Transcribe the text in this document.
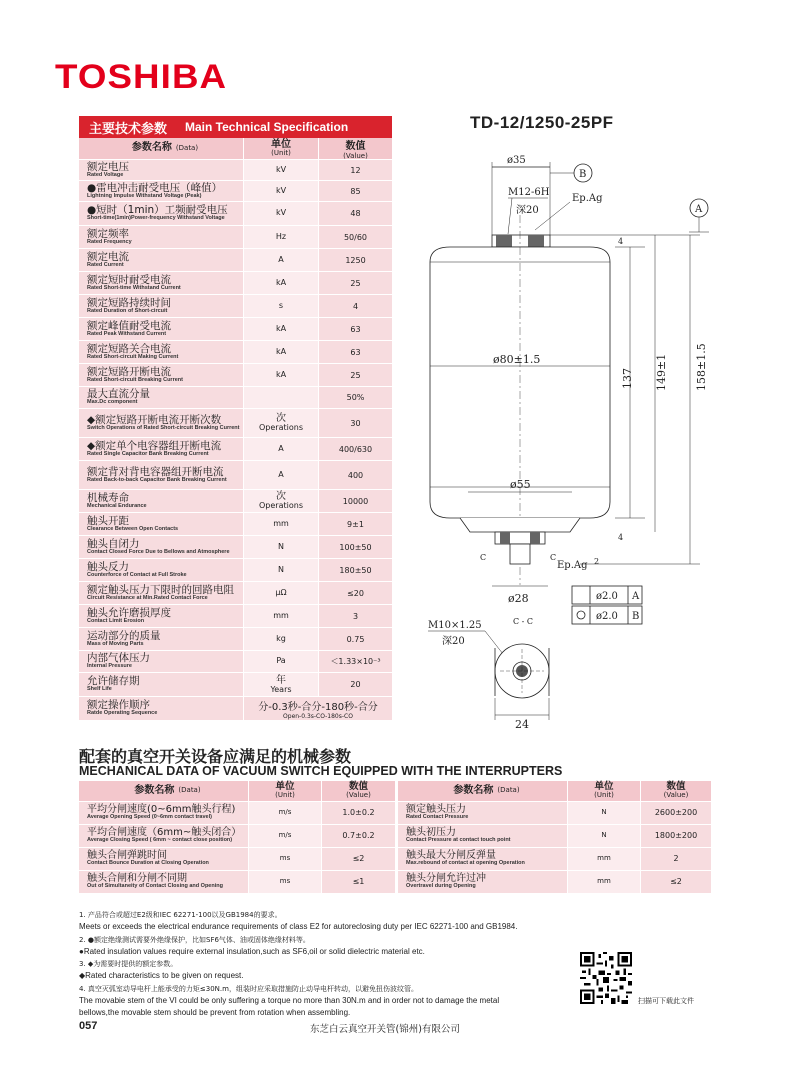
TOSHIBA
主要技术参数 Main Technical Specification
参数名称 (Data)	单位
(Unit)
数值
(Value)
额定电压
Rated Voltage
kV	12
●雷电冲击耐受电压（峰值）
Lightning Impulse Withstand Voltage (Peak)
kV	85
●短时（1min）工频耐受电压
Short-time(1min)Power-frequency Withstand Voltage
kV	48
额定频率
Rated Frequency
Hz	50/60
额定电流
Rated Current
A	1250
额定短时耐受电流
Rated Short-time Withstand Current
kA	25
额定短路持续时间
Rated Duration of Short-circuit
s	4
额定峰值耐受电流
Rated Peak Withstand Current
kA	63
额定短路关合电流
Rated Short-circuit Making Current
kA	63
额定短路开断电流
Rated Short-circuit Breaking Current
kA	25
最大直流分量
Max.Dc component
50%
◆额定短路开断电流开断次数
Switch Operations of Rated Short-circuit Breaking Current
次
Operations
30
◆额定单个电容器组开断电流
Rated Single Capacitor Bank Breaking Current
A	400/630
额定背对背电容器组开断电流
Rated Back-to-back Capacitor Bank Breaking Current
A	400
机械寿命
Mechanical Endurance
次
Operations
10000
触头开距
Clearance Between Open Contacts
mm	9±1
触头自闭力
Contact Closed Force Due to Bellows and Atmosphere
N	100±50
触头反力
Counterforce of Contact at Full Stroke
N	180±50
额定触头压力下限时的回路电阻
Circuit Resistance at Min.Rated Contact Force
μΩ	≤20
触头允许磨损厚度
Contact Limit Erosion
mm	3
运动部分的质量
Mass of Moving Parts
kg	0.75
内部气体压力
Internal Pressure
Pa	＜1.33×10⁻³
允许储存期
Shelf Life
年
Years
20
额定操作顺序
Ratde Operating Sequence
分-0.3秒-合分-180秒-合分
Open-0.3s-CO-180s-CO
TD-12/1250-25PF
ø35
B
M12-6H
深20
Ep.Ag
A
ø80±1.5
ø55
137 149±1 158±1.5
4
4
2
C	C
Ep.Ag
ø28	ø2.0 A
ø2.0 B
C - C
M10×1.25
深20
24
配套的真空开关设备应满足的机械参数
MECHANICAL DATA OF VACUUM SWITCH EQUIPPED WITH THE INTERRUPTERS
参数名称 (Data)	单位
(Unit)
数值
(Value)
平均分闸速度(0~6mm触头行程)
Average Opening Speed (0~6mm contact travel)
m/s	1.0±0.2
平均合闸速度（6mm~触头闭合）
Average Closing Speed ( 6mm ~ contact close position)
m/s	0.7±0.2
触头合闸弹跳时间
Contact Bounce Duration at Closing Operation
ms	≤2
触头合闸和分闸不同期
Out of Simultaneity of Contact Closing and Opening
ms	≤1
参数名称 (Data)	单位
(Unit)
数值
(Value)
额定触头压力
Rated Contact Pressure
N	2600±200
触头初压力
Contact Pressure at contact touch point
N	1800±200
触头最大分闸反弹量
Max.rebound of contact at opening Operation
mm	2
触头分闸允许过冲
Overtravel during Opening
mm	≤2
1. 产品符合或超过E2级和IEC 62271-100以及GB1984的要求。
Meets or exceeds the electrical endurance requirements of class E2 for autoreclosing duty per IEC 62271-100 and GB1984.
2. ●额定绝缘测试需要外绝缘保护，比如SF6气体、油或固体绝缘材料等。
●Rated insulation values require external insulation,such as SF6,oil or solid dielectric material etc.
3. ◆为需要时提供的额定参数。
◆Rated characteristics to be given on request.
4. 真空灭弧室动导电杆上能承受的力矩≤30N.m，组装时应采取措施防止动导电杆转动，以避免扭伤波纹管。
The movabie stem of the VI could be only suffering a torque no more than 30N.m and in order not to damage the metal
bellows,the movable stem should be prevent from rotation when assembling.
扫描可下载此文件
057	东芝白云真空开关管(锦州)有限公司
